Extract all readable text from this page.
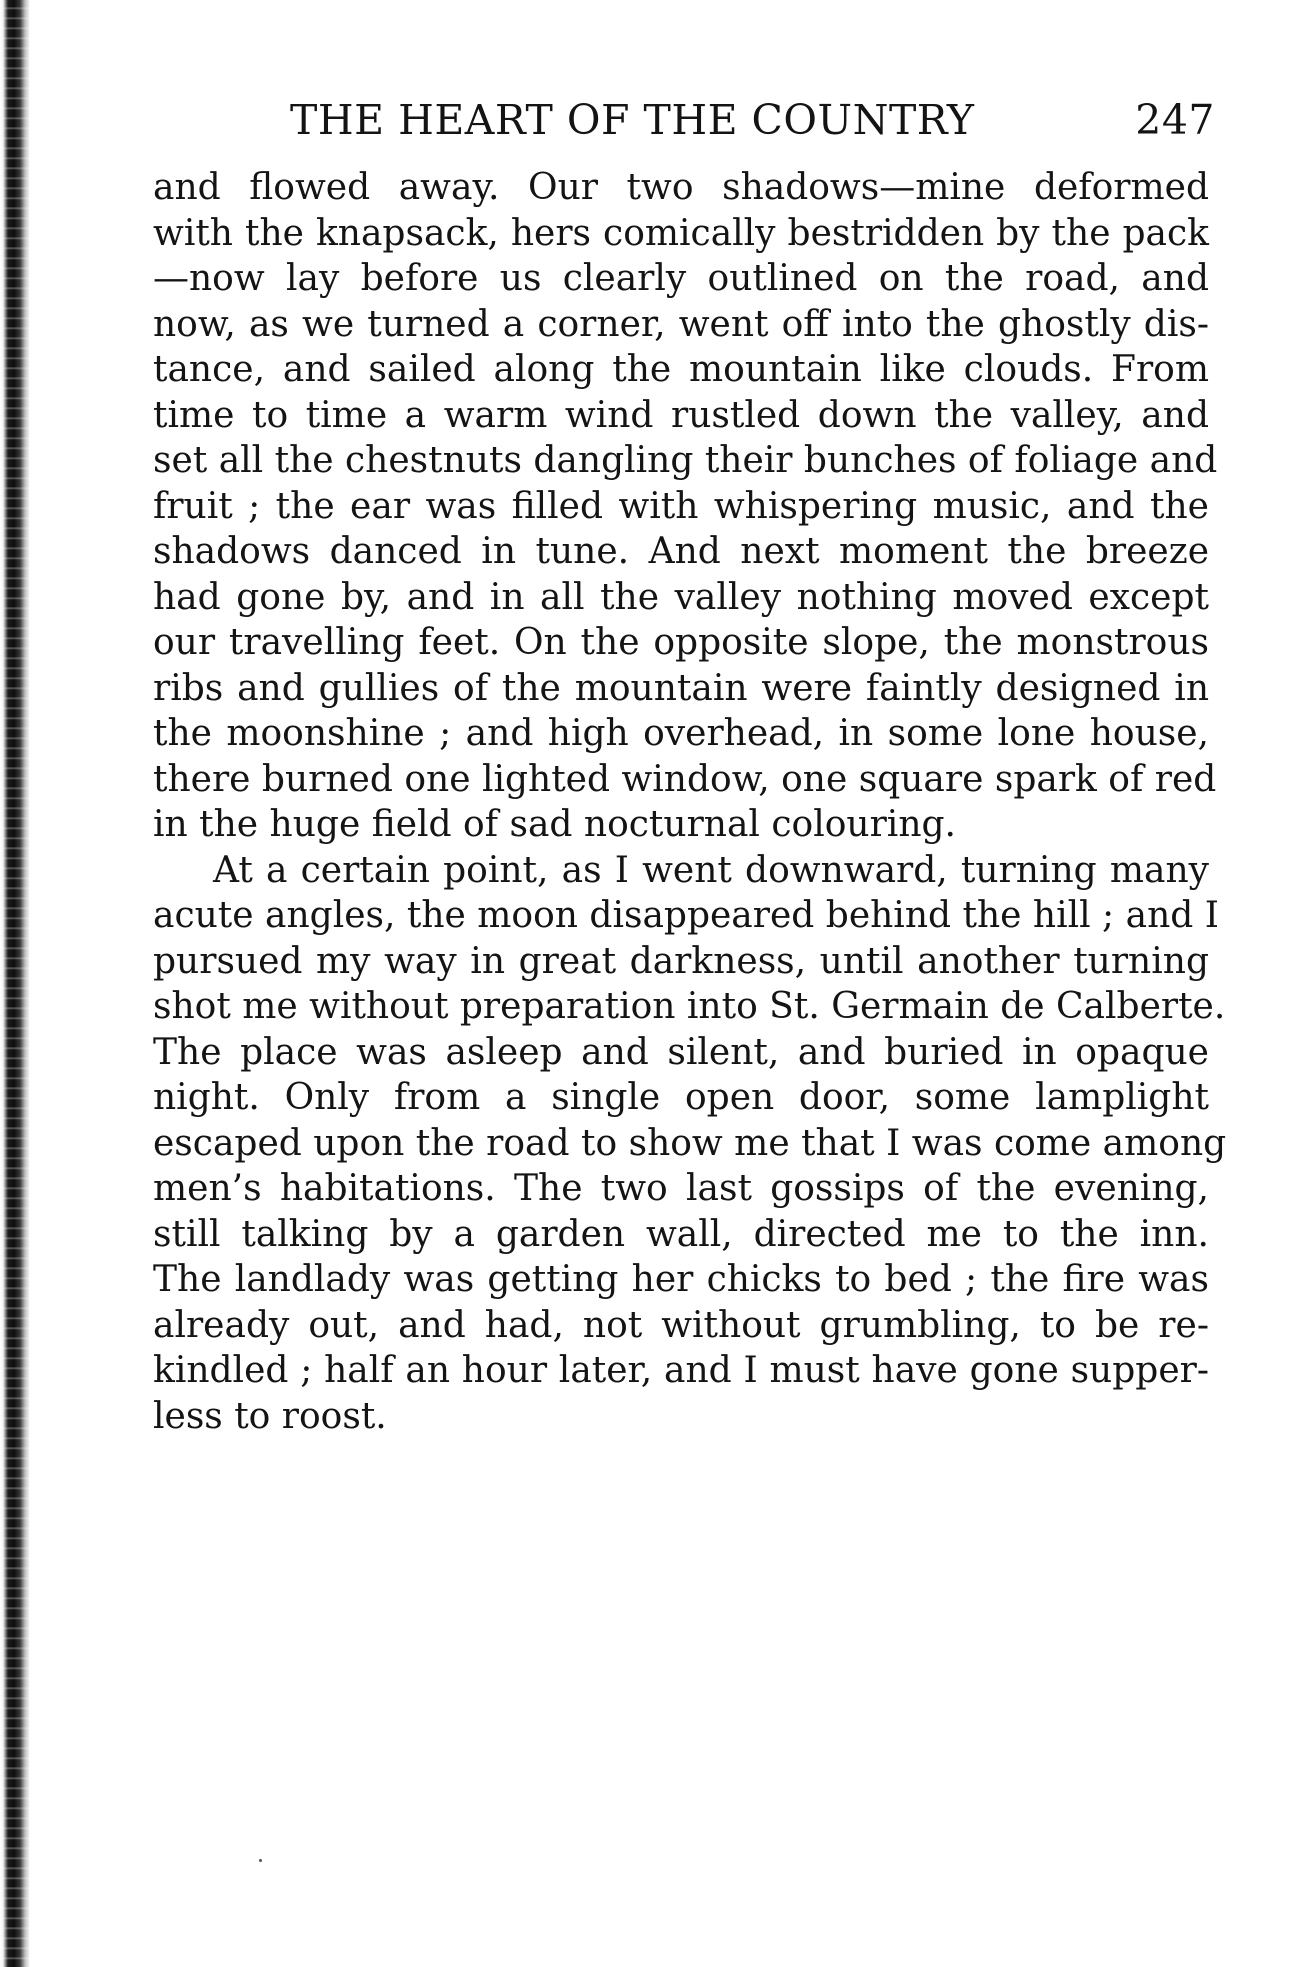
THE HEART OF THE COUNTRY	247
and flowed away. Our two shadows—mine deformed
with the knapsack, hers comically bestridden by the pack
—now lay before us clearly outlined on the road, and
now, as we turned a corner, went off into the ghostly dis-
tance, and sailed along the mountain like clouds. From
time to time a warm wind rustled down the valley, and
set all the chestnuts dangling their bunches of foliage and
fruit ; the ear was filled with whispering music, and the
shadows danced in tune. And next moment the breeze
had gone by, and in all the valley nothing moved except
our travelling feet. On the opposite slope, the monstrous
ribs and gullies of the mountain were faintly designed in
the moonshine ; and high overhead, in some lone house,
there burned one lighted window, one square spark of red
in the huge field of sad nocturnal colouring.
At a certain point, as I went downward, turning many
acute angles, the moon disappeared behind the hill ; and I
pursued my way in great darkness, until another turning
shot me without preparation into St. Germain de Calberte.
The place was asleep and silent, and buried in opaque
night. Only from a single open door, some lamplight
escaped upon the road to show me that I was come among
men’s habitations. The two last gossips of the evening,
still talking by a garden wall, directed me to the inn.
The landlady was getting her chicks to bed ; the fire was
already out, and had, not without grumbling, to be re-
kindled ; half an hour later, and I must have gone supper-
less to roost.
